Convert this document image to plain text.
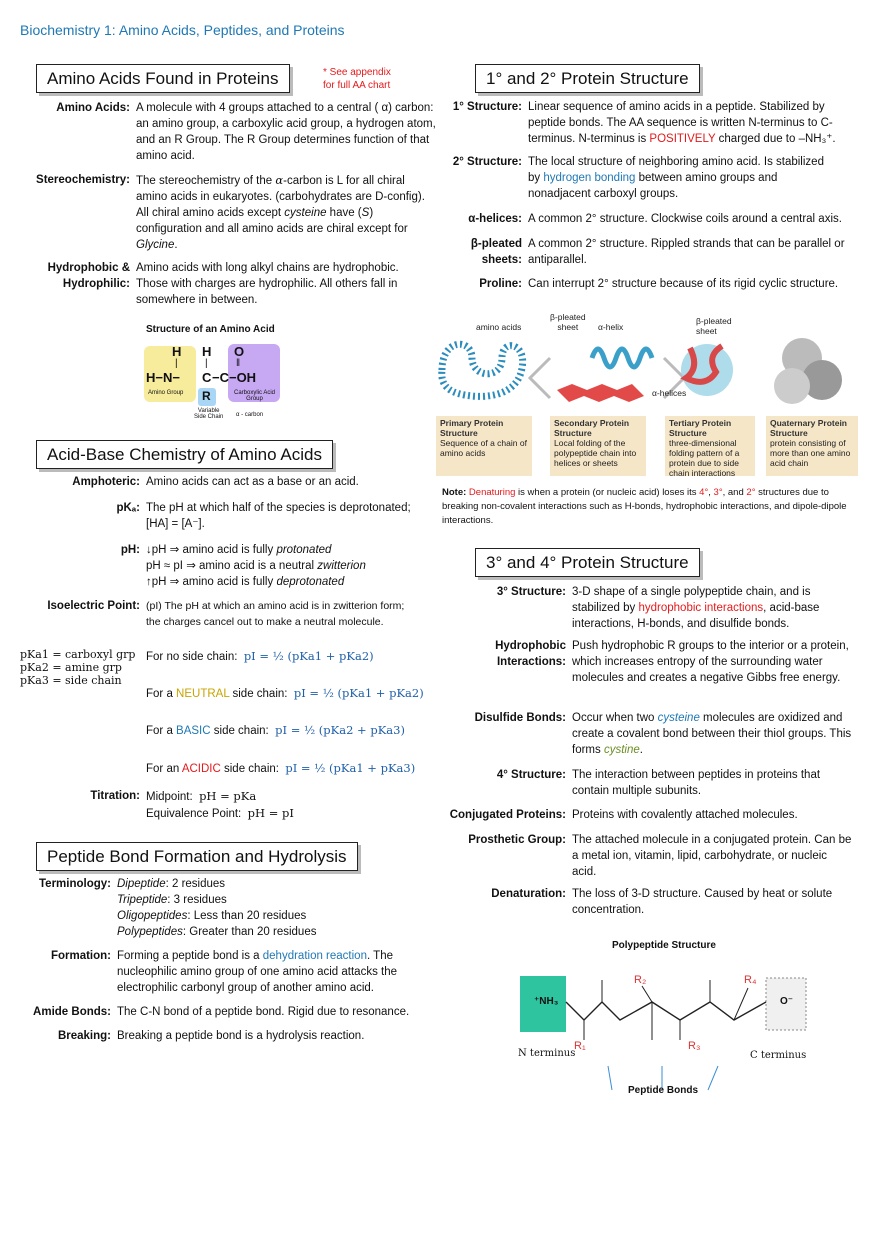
Biochemistry 1: Amino Acids, Peptides, and Proteins
Amino Acids Found in Proteins	* See appendix
for full AA chart
Amino Acids: A molecule with 4 groups attached to a central ( α) carbon: an amino group, a carboxylic acid group, a hydrogen atom, and an R Group. The R Group determines function of that amino acid.
Stereochemistry: The stereochemistry of the α-carbon is L for all chiral amino acids in eukaryotes. (carbohydrates are D-config). All chiral amino acids except cysteine have (S) configuration and all amino acids are chiral except for Glycine.
Hydrophobic &
Hydrophilic:
Amino acids with long alkyl chains are hydrophobic. Those with charges are hydrophilic. All others fall in somewhere in between.
Structure of an Amino Acid
H H O
|	|	‖
H−N− C −C−OH
R
Amino Group	Carboxylic Acid
Group
Variable
Side Chain α - carbon
Acid-Base Chemistry of Amino Acids
Amphoteric: Amino acids can act as a base or an acid.
pKₐ: The pH at which half of the species is deprotonated;
[HA] = [A⁻].
pH: ↓pH ⇒ amino acid is fully protonated
pH ≈ pI ⇒ amino acid is a neutral zwitterion
↑pH ⇒ amino acid is fully deprotonated
Isoelectric Point: (pI) The pH at which an amino acid is in zwitterion form;
the charges cancel out to make a neutral molecule.
pKa1 = carboxyl grp
pKa2 = amine grp
pKa3 = side chain
For no side chain: pI = ½ (pKa1 + pKa2)
For a NEUTRAL side chain: pI = ½ (pKa1 + pKa2)
For a BASIC side chain: pI = ½ (pKa2 + pKa3)
For an ACIDIC side chain: pI = ½ (pKa1 + pKa3)
Titration: Midpoint: pH = pKa
Equivalence Point: pH = pI
Peptide Bond Formation and Hydrolysis
Terminology: Dipeptide: 2 residues
Tripeptide: 3 residues
Oligopeptides: Less than 20 residues
Polypeptides: Greater than 20 residues
Formation: Forming a peptide bond is a dehydration reaction. The nucleophilic amino group of one amino acid attacks the electrophilic carbonyl group of another amino acid.
Amide Bonds: The C-N bond of a peptide bond. Rigid due to resonance.
Breaking: Breaking a peptide bond is a hydrolysis reaction.
1° and 2° Protein Structure
1° Structure: Linear sequence of amino acids in a peptide. Stabilized by peptide bonds. The AA sequence is written N-terminus to C-terminus. N-terminus is POSITIVELY charged due to –NH₃⁺.
2° Structure: The local structure of neighboring amino acid. Is stabilized by hydrogen bonding between amino groups and nonadjacent carboxyl groups.
α-helices: A common 2° structure. Clockwise coils around a central axis.
β-pleated
sheets:
A common 2° structure. Rippled strands that can be parallel or antiparallel.
Proline: Can interrupt 2° structure because of its rigid cyclic structure.
amino acids
β-pleated
sheet	α-helix
β-pleated
sheet
α-helices
Primary Protein Structure
Sequence of a chain of amino acids
Secondary Protein Structure
Local folding of the polypeptide chain into helices or sheets
Tertiary Protein Structure
three-dimensional folding pattern of a protein due to side chain interactions
Quaternary Protein Structure
protein consisting of more than one amino acid chain
Note: Denaturing is when a protein (or nucleic acid) loses its 4°, 3°, and 2° structures due to breaking non-covalent interactions such as H-bonds, hydrophobic interactions, and dipole-dipole interactions.
3° and 4° Protein Structure
3° Structure: 3-D shape of a single polypeptide chain, and is stabilized by hydrophobic interactions, acid-base interactions, H-bonds, and disulfide bonds.
Hydrophobic
Interactions:
Push hydrophobic R groups to the interior or a protein, which increases entropy of the surrounding water molecules and creates a negative Gibbs free energy.
Disulfide Bonds: Occur when two cysteine molecules are oxidized and create a covalent bond between their thiol groups. This forms cystine.
4° Structure: The interaction between peptides in proteins that contain multiple subunits.
Conjugated Proteins: Proteins with covalently attached molecules.
Prosthetic Group: The attached molecule in a conjugated protein. Can be a metal ion, vitamin, lipid, carbohydrate, or nucleic acid.
Denaturation: The loss of 3-D structure. Caused by heat or solute concentration.
Polypeptide Structure
⁺NH₃	O⁻
R₁
R₂
R₃
R₄
N terminus	C terminus
Peptide Bonds
